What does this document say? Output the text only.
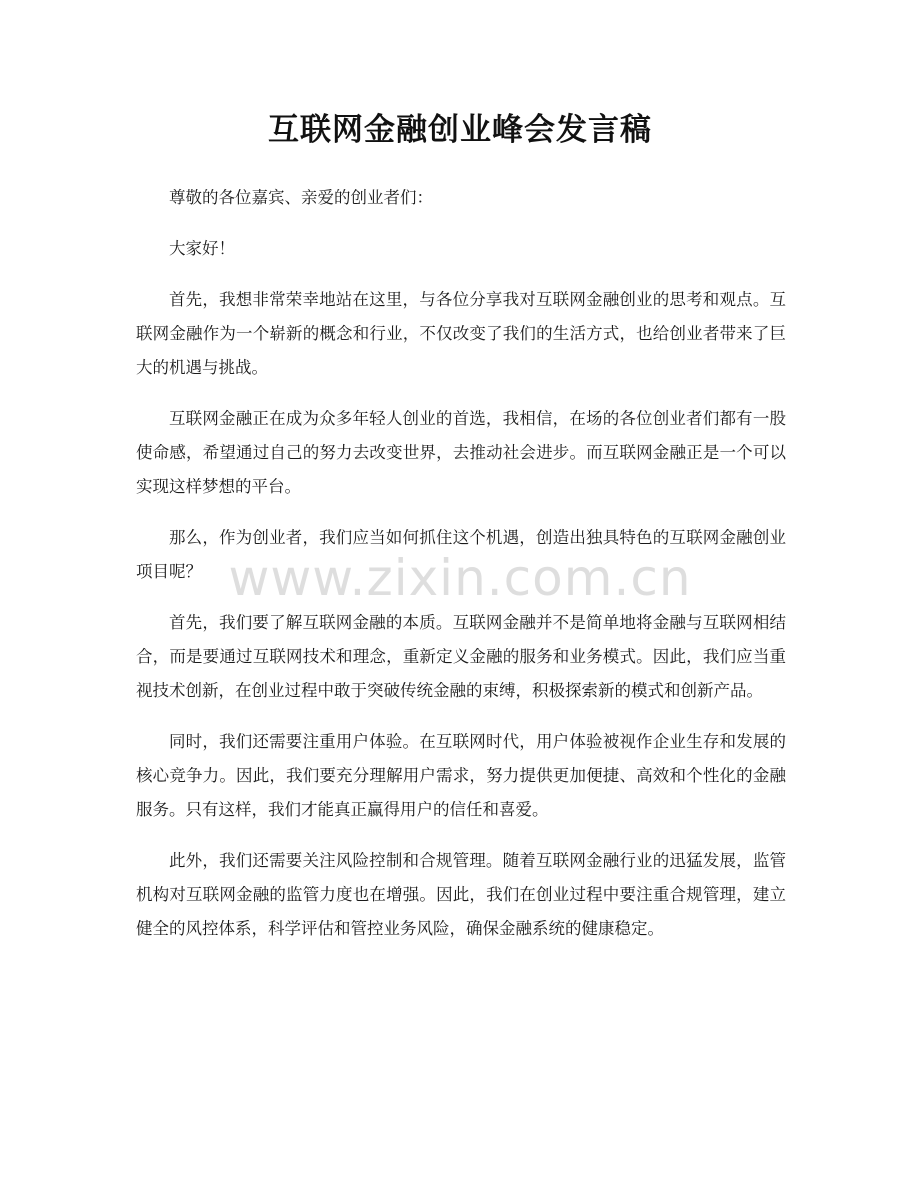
互联网金融创业峰会发言稿

尊敬的各位嘉宾、亲爱的创业者们：

大家好！

首先，我想非常荣幸地站在这里，与各位分享我对互联网金融创业的思考和观点。互联网金融作为一个崭新的概念和行业，不仅改变了我们的生活方式，也给创业者带来了巨大的机遇与挑战。

互联网金融正在成为众多年轻人创业的首选，我相信，在场的各位创业者们都有一股使命感，希望通过自己的努力去改变世界，去推动社会进步。而互联网金融正是一个可以实现这样梦想的平台。

那么，作为创业者，我们应当如何抓住这个机遇，创造出独具特色的互联网金融创业项目呢？

首先，我们要了解互联网金融的本质。互联网金融并不是简单地将金融与互联网相结合，而是要通过互联网技术和理念，重新定义金融的服务和业务模式。因此，我们应当重视技术创新，在创业过程中敢于突破传统金融的束缚，积极探索新的模式和创新产品。

同时，我们还需要注重用户体验。在互联网时代，用户体验被视作企业生存和发展的核心竞争力。因此，我们要充分理解用户需求，努力提供更加便捷、高效和个性化的金融服务。只有这样，我们才能真正赢得用户的信任和喜爱。

此外，我们还需要关注风险控制和合规管理。随着互联网金融行业的迅猛发展，监管机构对互联网金融的监管力度也在增强。因此，我们在创业过程中要注重合规管理，建立健全的风控体系，科学评估和管控业务风险，确保金融系统的健康稳定。

www.zixin.com.cn
